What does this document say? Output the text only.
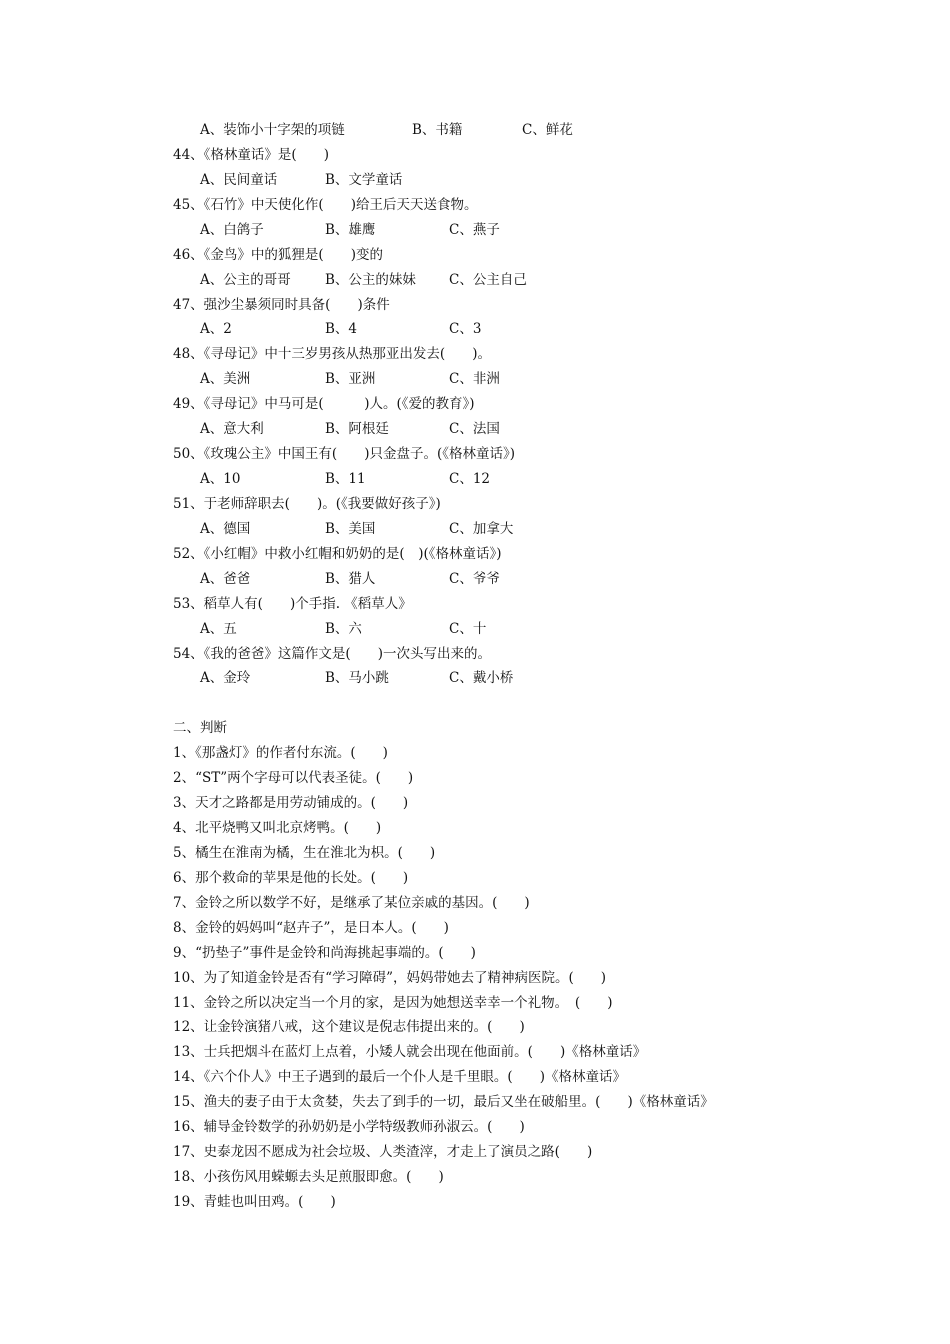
A、装饰小十字架的项链	B、书籍	C、鲜花
44、《格林童话》是(　　)
A、民间童话	B、文学童话
45、《石竹》中天使化作(　　)给王后天天送食物。
A、白鸽子	B、雄鹰	C、燕子
46、《金鸟》中的狐狸是(　　)变的
A、公主的哥哥	B、公主的妹妹 C、公主自己
47、强沙尘暴须同时具备(　　)条件
A、2	B、4	C、3
48、《寻母记》中十三岁男孩从热那亚出发去(　　)。
A、美洲	B、亚洲	C、非洲
49、《寻母记》中马可是(　　　)人。(《爱的教育》)
A、意大利	B、阿根廷	C、法国
50、《玫瑰公主》中国王有(　　)只金盘子。(《格林童话》)
A、10	B、11	C、12
51、于老师辞职去(　　)。(《我要做好孩子》)
A、德国	B、美国	C、加拿大
52、《小红帽》中救小红帽和奶奶的是(　)(《格林童话》)
A、爸爸	B、猎人	C、爷爷
53、稻草人有(　　)个手指. 《稻草人》
A、五	B、六	C、十
54、《我的爸爸》这篇作文是(　　)一次头写出来的。
A、金玲	B、马小跳	C、戴小桥
二、判断
1、《那盏灯》的作者付东流。(　　)
2、“ST”两个字母可以代表圣徒。(　　)
3、天才之路都是用劳动铺成的。(　　)
4、北平烧鸭又叫北京烤鸭。(　　)
5、橘生在淮南为橘，生在淮北为枳。(　　)
6、那个救命的苹果是他的长处。(　　)
7、金铃之所以数学不好，是继承了某位亲戚的基因。(　　)
8、金铃的妈妈叫“赵卉子”，是日本人。(　　)
9、“扔垫子”事件是金铃和尚海挑起事端的。(　　)
10、为了知道金铃是否有“学习障碍”，妈妈带她去了精神病医院。(　　)
11、金铃之所以决定当一个月的家，是因为她想送幸幸一个礼物。　(　　)
12、让金铃演猪八戒，这个建议是倪志伟提出来的。(　　)
13、士兵把烟斗在蓝灯上点着，小矮人就会出现在他面前。(　　)《格林童话》
14、《六个仆人》中王子遇到的最后一个仆人是千里眼。(　　)《格林童话》
15、渔夫的妻子由于太贪婪，失去了到手的一切，最后又坐在破船里。(　　)《格林童话》
16、辅导金铃数学的孙奶奶是小学特级教师孙淑云。(　　)
17、史泰龙因不愿成为社会垃圾、人类渣滓，才走上了演员之路(　　)
18、小孩伤风用蝾螈去头足煎服即愈。(　　)
19、青蛙也叫田鸡。(　　)
